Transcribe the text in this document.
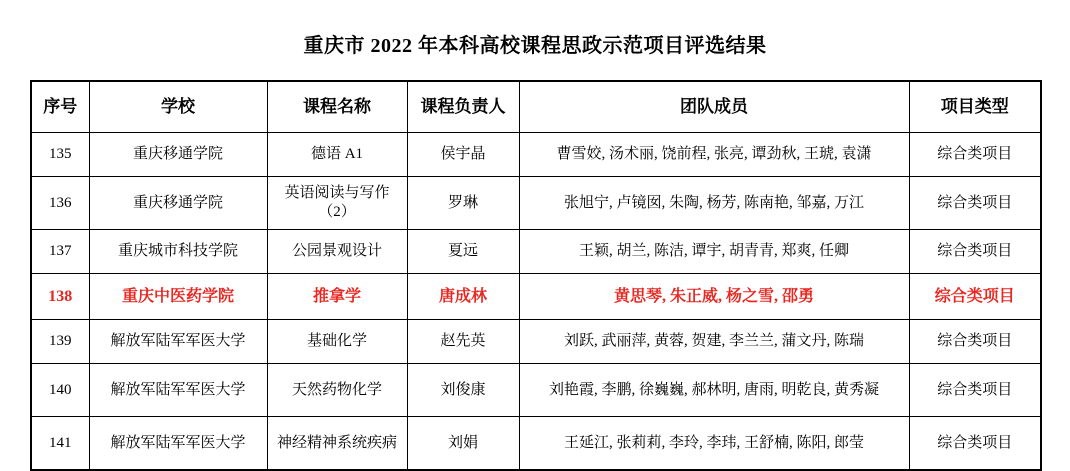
重庆市 2022 年本科高校课程思政示范项目评选结果
序号	学校	课程名称	课程负责人	团队成员	项目类型
135	重庆移通学院	德语 A1	侯宇晶	曹雪姣, 汤术丽, 饶前程, 张亮, 谭劲秋, 王琥, 袁潇	综合类项目
136	重庆移通学院	英语阅读与写作（2）	罗琳	张旭宁, 卢镜囡, 朱陶, 杨芳, 陈南艳, 邹嘉, 万江	综合类项目
137	重庆城市科技学院	公园景观设计	夏远	王颖, 胡兰, 陈洁, 谭宇, 胡青青, 郑爽, 任卿	综合类项目
138	重庆中医药学院	推拿学	唐成林	黄思琴, 朱正威, 杨之雪, 邵勇	综合类项目
139	解放军陆军军医大学	基础化学	赵先英	刘跃, 武丽萍, 黄蓉, 贺建, 李兰兰, 蒲文丹, 陈瑞	综合类项目
140	解放军陆军军医大学	天然药物化学	刘俊康	刘艳霞, 李鹏, 徐巍巍, 郝林明, 唐雨, 明乾良, 黄秀凝	综合类项目
141	解放军陆军军医大学	神经精神系统疾病	刘娟	王延江, 张莉莉, 李玲, 李玮, 王舒楠, 陈阳, 郎莹	综合类项目
